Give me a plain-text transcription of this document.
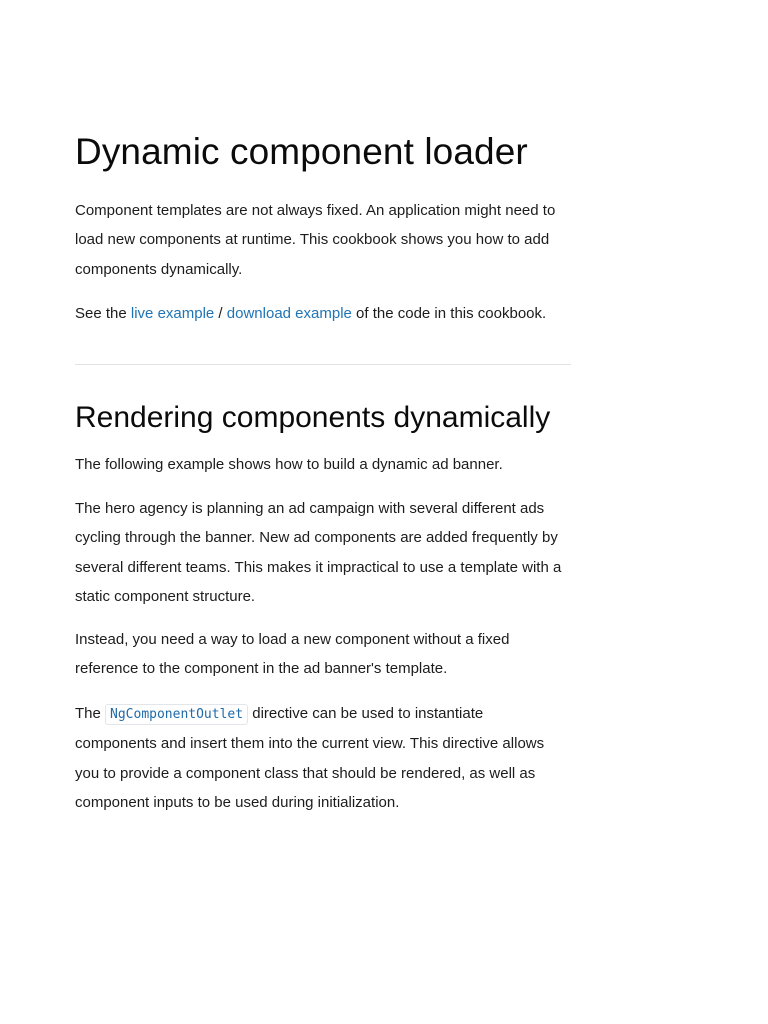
Dynamic component loader

Component templates are not always fixed. An application might need to load new components at runtime. This cookbook shows you how to add components dynamically.

See the live example / download example of the code in this cookbook.

Rendering components dynamically

The following example shows how to build a dynamic ad banner.

The hero agency is planning an ad campaign with several different ads cycling through the banner. New ad components are added frequently by several different teams. This makes it impractical to use a template with a static component structure.

Instead, you need a way to load a new component without a fixed reference to the component in the ad banner's template.

The NgComponentOutlet directive can be used to instantiate components and insert them into the current view. This directive allows you to provide a component class that should be rendered, as well as component inputs to be used during initialization.
